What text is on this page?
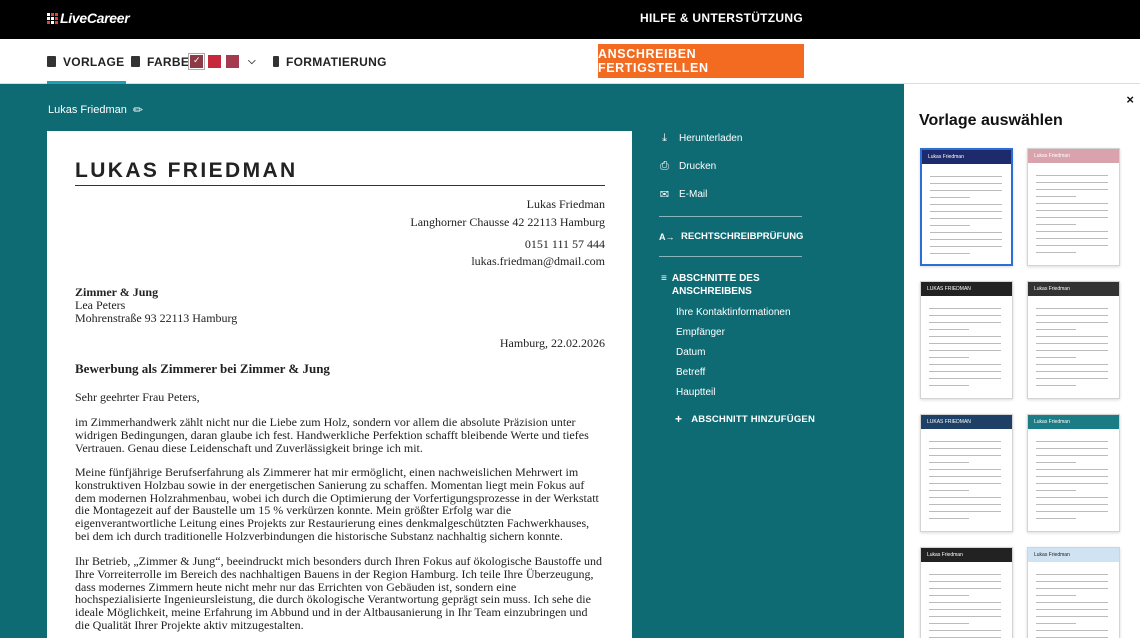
LiveCareer	HILFE & UNTERSTÜTZUNG
VORLAGE FARBE
✓	⌵	FORMATIERUNG
ANSCHREIBEN FERTIGSTELLEN
Lukas Friedman ✏
LUKAS FRIEDMAN
Lukas Friedman
Langhorner Chausse 42 22113 Hamburg
0151 111 57 444
lukas.friedman@dmail.com
Zimmer & Jung
Lea Peters
Mohrenstraße 93 22113 Hamburg
Hamburg, 22.02.2026
Bewerbung als Zimmerer bei Zimmer & Jung
Sehr geehrter Frau Peters,
im Zimmerhandwerk zählt nicht nur die Liebe zum Holz, sondern vor allem die absolute Präzision unter widrigen Bedingungen, daran glaube ich fest. Handwerkliche Perfektion schafft bleibende Werte und tiefes Vertrauen. Genau diese Leidenschaft und Zuverlässigkeit bringe ich mit.
Meine fünfjährige Berufserfahrung als Zimmerer hat mir ermöglicht, einen nachweislichen Mehrwert im konstruktiven Holzbau sowie in der energetischen Sanierung zu schaffen. Momentan liegt mein Fokus auf dem modernen Holzrahmenbau, wobei ich durch die Optimierung der Vorfertigungsprozesse in der Werkstatt die Montagezeit auf der Baustelle um 15 % verkürzen konnte. Mein größter Erfolg war die eigenverantwortliche Leitung eines Projekts zur Restaurierung eines denkmalgeschützten Fachwerkhauses, bei dem ich durch traditionelle Holzverbindungen die historische Substanz nachhaltig sichern konnte.
Ihr Betrieb, „Zimmer & Jung“, beeindruckt mich besonders durch Ihren Fokus auf ökologische Baustoffe und Ihre Vorreiterrolle im Bereich des nachhaltigen Bauens in der Region Hamburg. Ich teile Ihre Überzeugung, dass modernes Zimmern heute nicht mehr nur das Errichten von Gebäuden ist, sondern eine hochspezialisierte Ingenieursleistung, die durch ökologische Verantwortung geprägt sein muss. Ich sehe die ideale Möglichkeit, meine Erfahrung im Abbund und in der Altbausanierung in Ihr Team einzubringen und die Qualität Ihrer Projekte aktiv mitzugestalten.
⤓	Herunterladen
⎙ Drucken
✉ E-Mail
A→ RECHTSCHREIBPRÜFUNG
≡ ABSCHNITTE DES
ANSCHREIBENS
Ihre Kontaktinformationen
Empfänger
Datum
Betreff
Hauptteil
+ ABSCHNITT HINZUFÜGEN
×
Vorlage auswählen
Lukas Friedman	Lukas Friedman
LUKAS FRIEDMAN	Lukas Friedman
LUKAS FRIEDMAN	Lukas Friedman
Lukas Friedman	Lukas Friedman
